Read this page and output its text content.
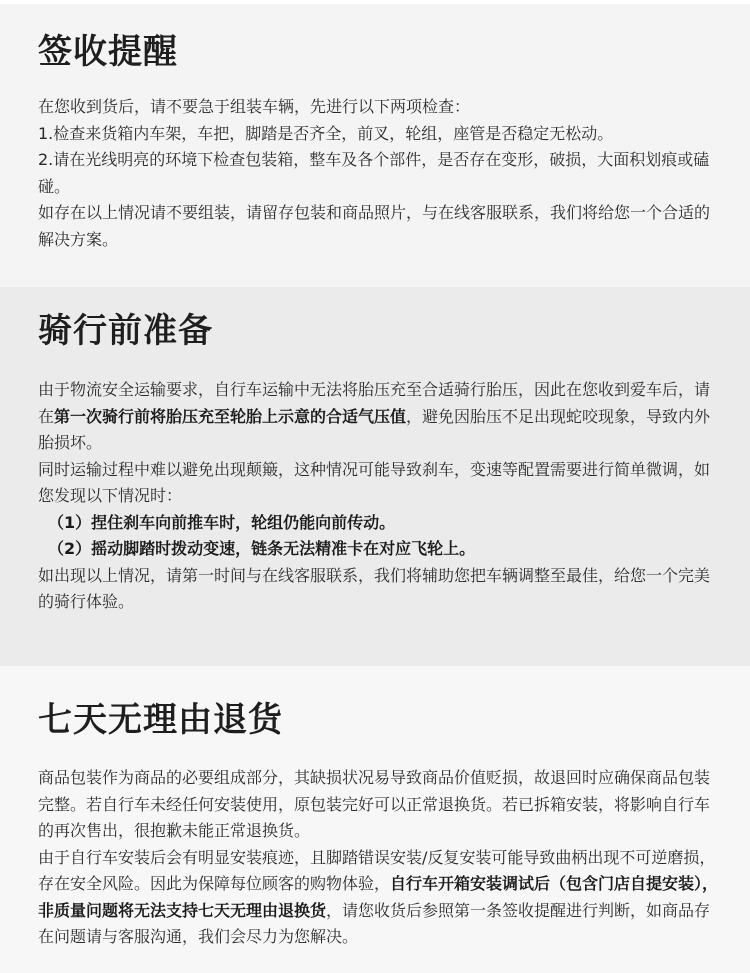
签收提醒

在您收到货后，请不要急于组装车辆，先进行以下两项检查：

1.检查来货箱内车架，车把，脚踏是否齐全，前叉，轮组，座管是否稳定无松动。

2.请在光线明亮的环境下检查包装箱，整车及各个部件，是否存在变形，破损，大面积划痕或磕碰。

如存在以上情况请不要组装，请留存包装和商品照片，与在线客服联系，我们将给您一个合适的解决方案。

骑行前准备

由于物流安全运输要求，自行车运输中无法将胎压充至合适骑行胎压，因此在您收到爱车后，请在第一次骑行前将胎压充至轮胎上示意的合适气压值，避免因胎压不足出现蛇咬现象，导致内外胎损坏。

同时运输过程中难以避免出现颠簸，这种情况可能导致刹车，变速等配置需要进行简单微调，如您发现以下情况时：

（1）捏住刹车向前推车时，轮组仍能向前传动。

（2）摇动脚踏时拨动变速，链条无法精准卡在对应飞轮上。

如出现以上情况，请第一时间与在线客服联系，我们将辅助您把车辆调整至最佳，给您一个完美的骑行体验。

七天无理由退货

商品包装作为商品的必要组成部分，其缺损状况易导致商品价值贬损，故退回时应确保商品包装完整。若自行车未经任何安装使用，原包装完好可以正常退换货。若已拆箱安装，将影响自行车的再次售出，很抱歉未能正常退换货。

由于自行车安装后会有明显安装痕迹，且脚踏错误安装/反复安装可能导致曲柄出现不可逆磨损，存在安全风险。因此为保障每位顾客的购物体验，自行车开箱安装调试后（包含门店自提安装），非质量问题将无法支持七天无理由退换货，请您收货后参照第一条签收提醒进行判断，如商品存在问题请与客服沟通，我们会尽力为您解决。
